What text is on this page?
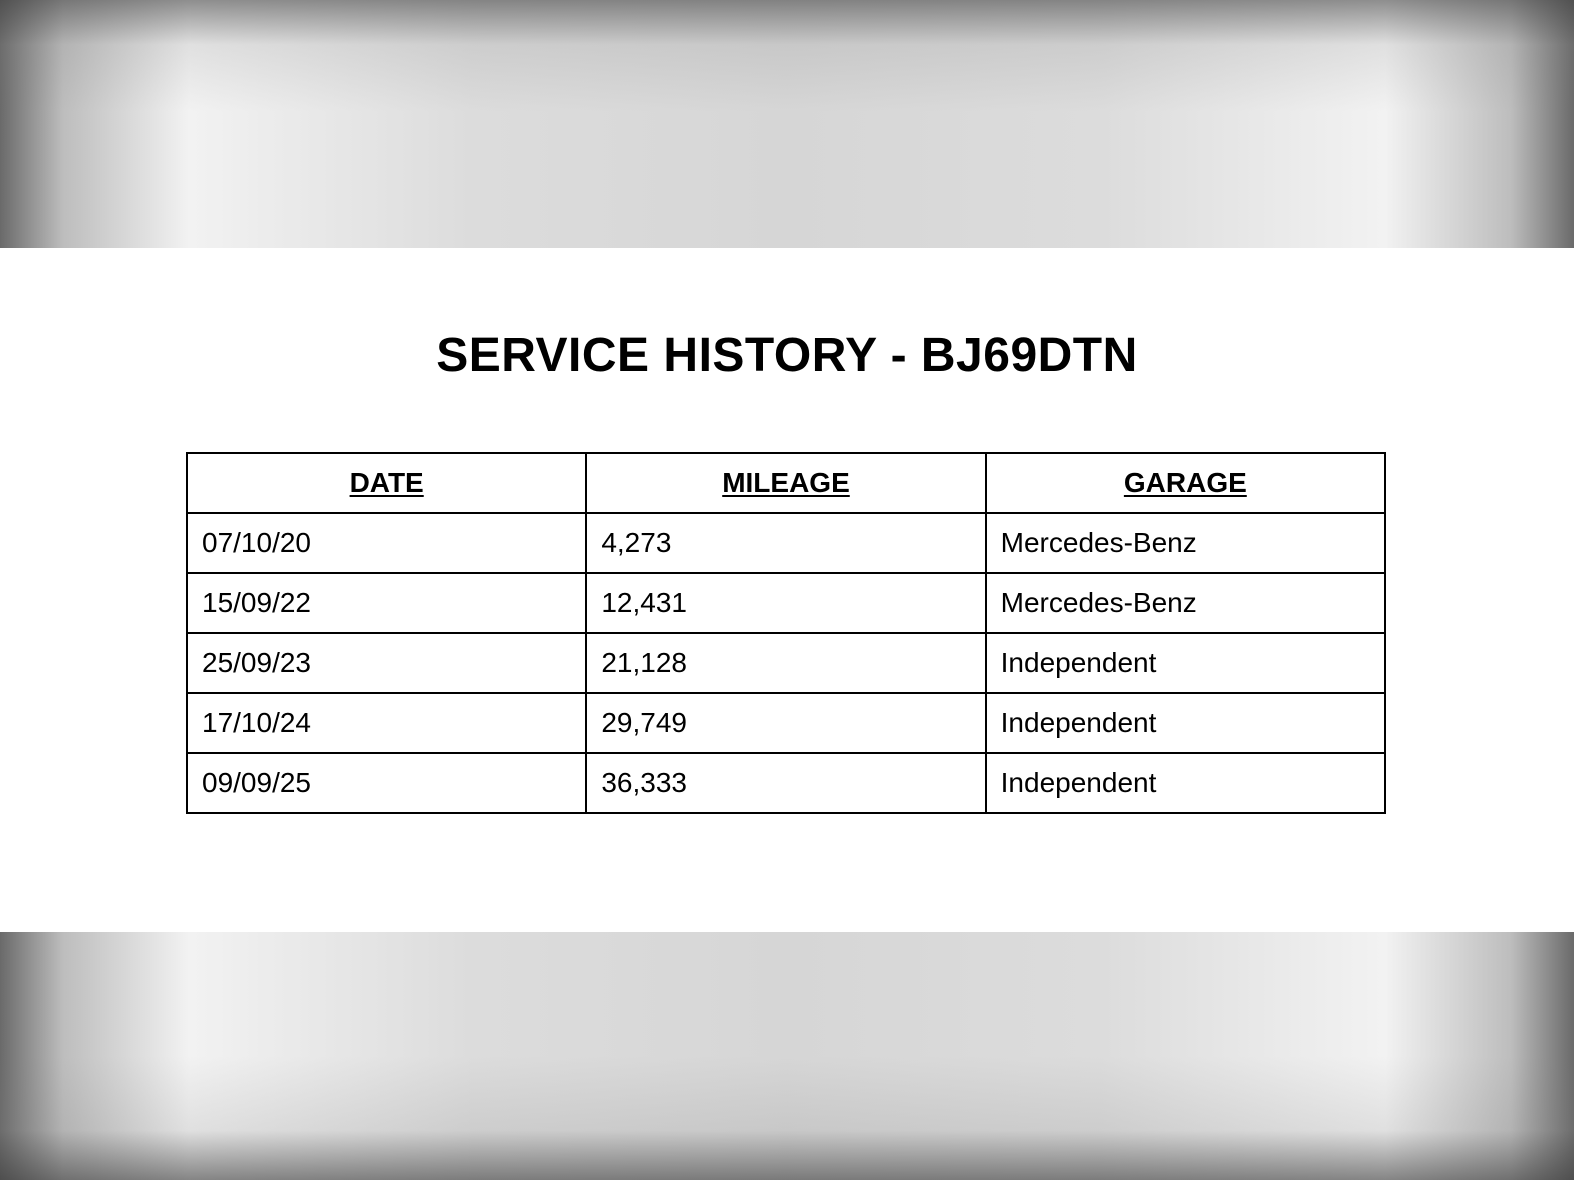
SERVICE HISTORY - BJ69DTN
DATE	MILEAGE	GARAGE
07/10/20	4,273	Mercedes-Benz
15/09/22	12,431	Mercedes-Benz
25/09/23	21,128	Independent
17/10/24	29,749	Independent
09/09/25	36,333	Independent
